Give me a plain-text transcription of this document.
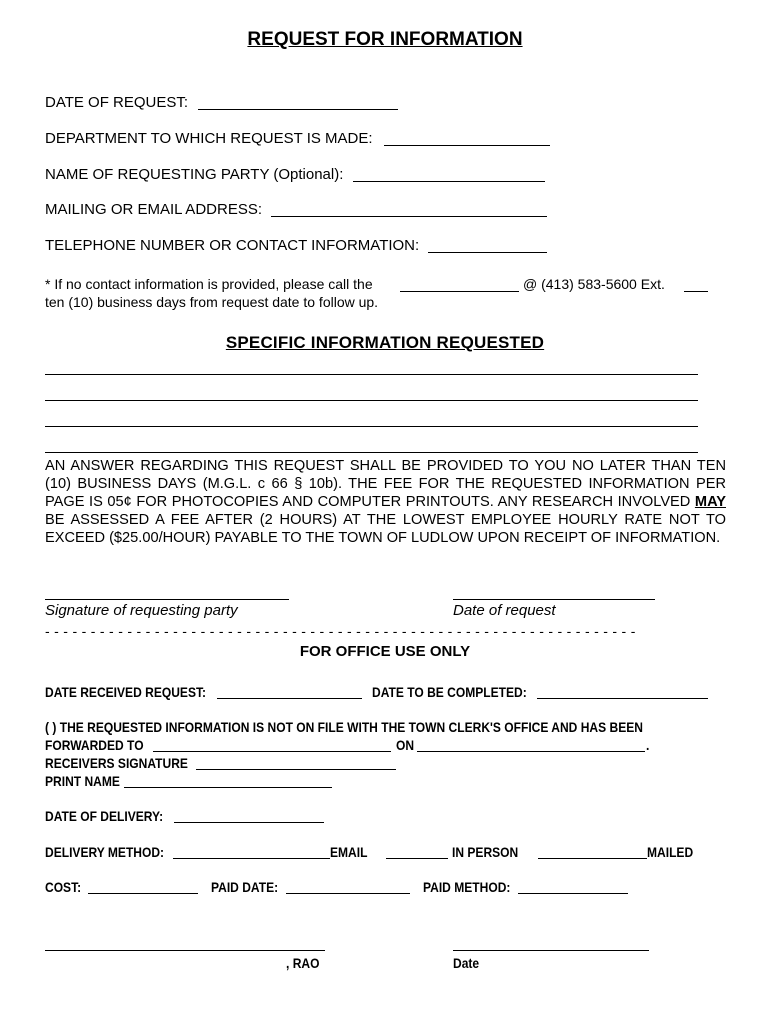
REQUEST FOR INFORMATION
DATE OF REQUEST:
DEPARTMENT TO WHICH REQUEST IS MADE:
NAME OF REQUESTING PARTY (Optional):
MAILING OR EMAIL ADDRESS:
TELEPHONE NUMBER OR CONTACT INFORMATION:
* If no contact information is provided, please call the	@ (413) 583-5600 Ext.
ten (10) business days from request date to follow up.
SPECIFIC INFORMATION REQUESTED
AN ANSWER REGARDING THIS REQUEST SHALL BE PROVIDED TO YOU NO LATER THAN TEN (10) BUSINESS DAYS (M.G.L. c 66 § 10b). THE FEE FOR THE REQUESTED INFORMATION PER PAGE IS 05¢ FOR PHOTOCOPIES AND COMPUTER PRINTOUTS. ANY RESEARCH INVOLVED MAY BE ASSESSED A FEE AFTER (2 HOURS) AT THE LOWEST EMPLOYEE HOURLY RATE NOT TO EXCEED ($25.00/HOUR) PAYABLE TO THE TOWN OF LUDLOW UPON RECEIPT OF INFORMATION.
Signature of requesting party	Date of request
- - - - - - - - - - - - - - - - - - - - - - - - - - - - - - - - - - - - - - - - - - - - - - - - - - - - - - - - - - - - - - - - -
FOR OFFICE USE ONLY
DATE RECEIVED REQUEST:	DATE TO BE COMPLETED:
( ) THE REQUESTED INFORMATION IS NOT ON FILE WITH THE TOWN CLERK'S OFFICE AND HAS BEEN
FORWARDED TO	ON	.
RECEIVERS SIGNATURE
PRINT NAME
DATE OF DELIVERY:
DELIVERY METHOD:	EMAIL	IN PERSON	MAILED
COST:	PAID DATE:	PAID METHOD:
, RAO	Date
